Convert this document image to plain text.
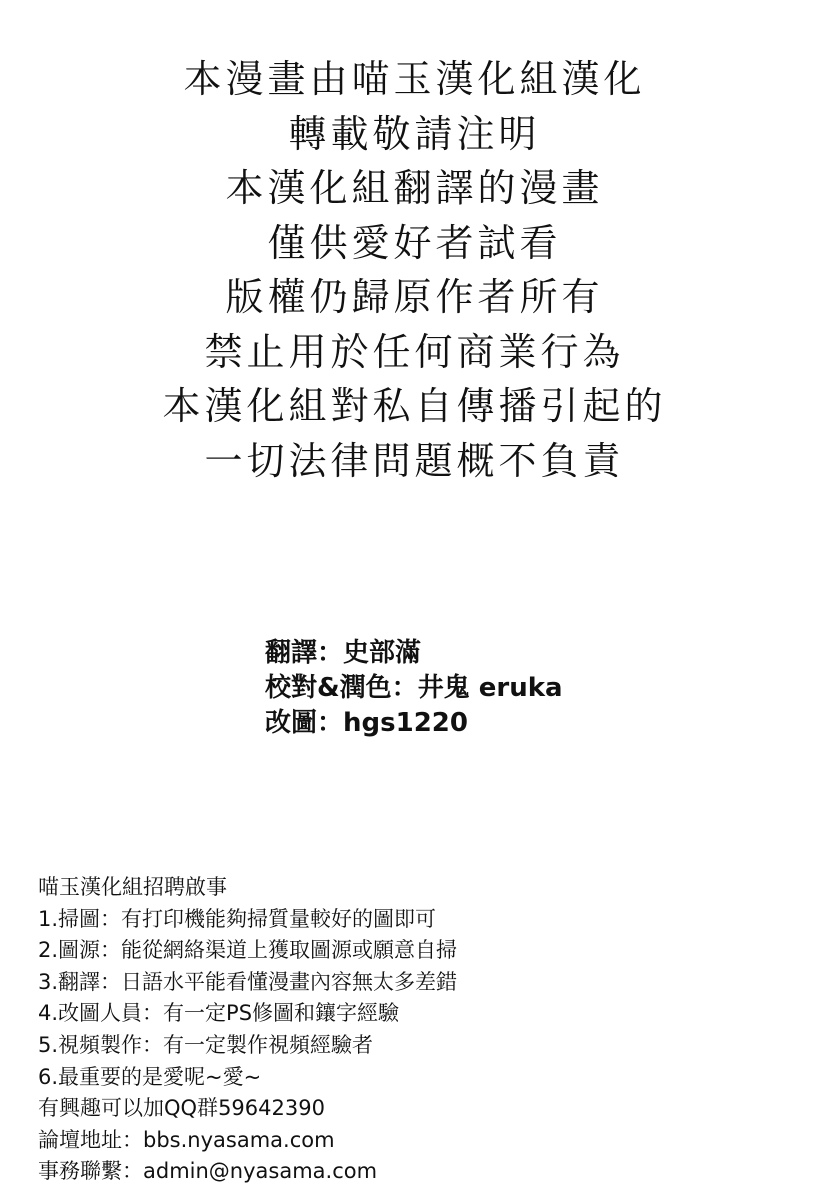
本漫畫由喵玉漢化組漢化
轉載敬請注明
本漢化組翻譯的漫畫
僅供愛好者試看
版權仍歸原作者所有
禁止用於任何商業行為
本漢化組對私自傳播引起的
一切法律問題概不負責
翻譯：史部滿
校對&潤色：井鬼 eruka
改圖：hgs1220
喵玉漢化組招聘啟事
1.掃圖：有打印機能夠掃質量較好的圖即可
2.圖源：能從網絡渠道上獲取圖源或願意自掃
3.翻譯：日語水平能看懂漫畫內容無太多差錯
4.改圖人員：有一定PS修圖和鑲字經驗
5.視頻製作：有一定製作視頻經驗者
6.最重要的是愛呢~愛~
有興趣可以加QQ群59642390
論壇地址：bbs.nyasama.com
事務聯繫：admin@nyasama.com
